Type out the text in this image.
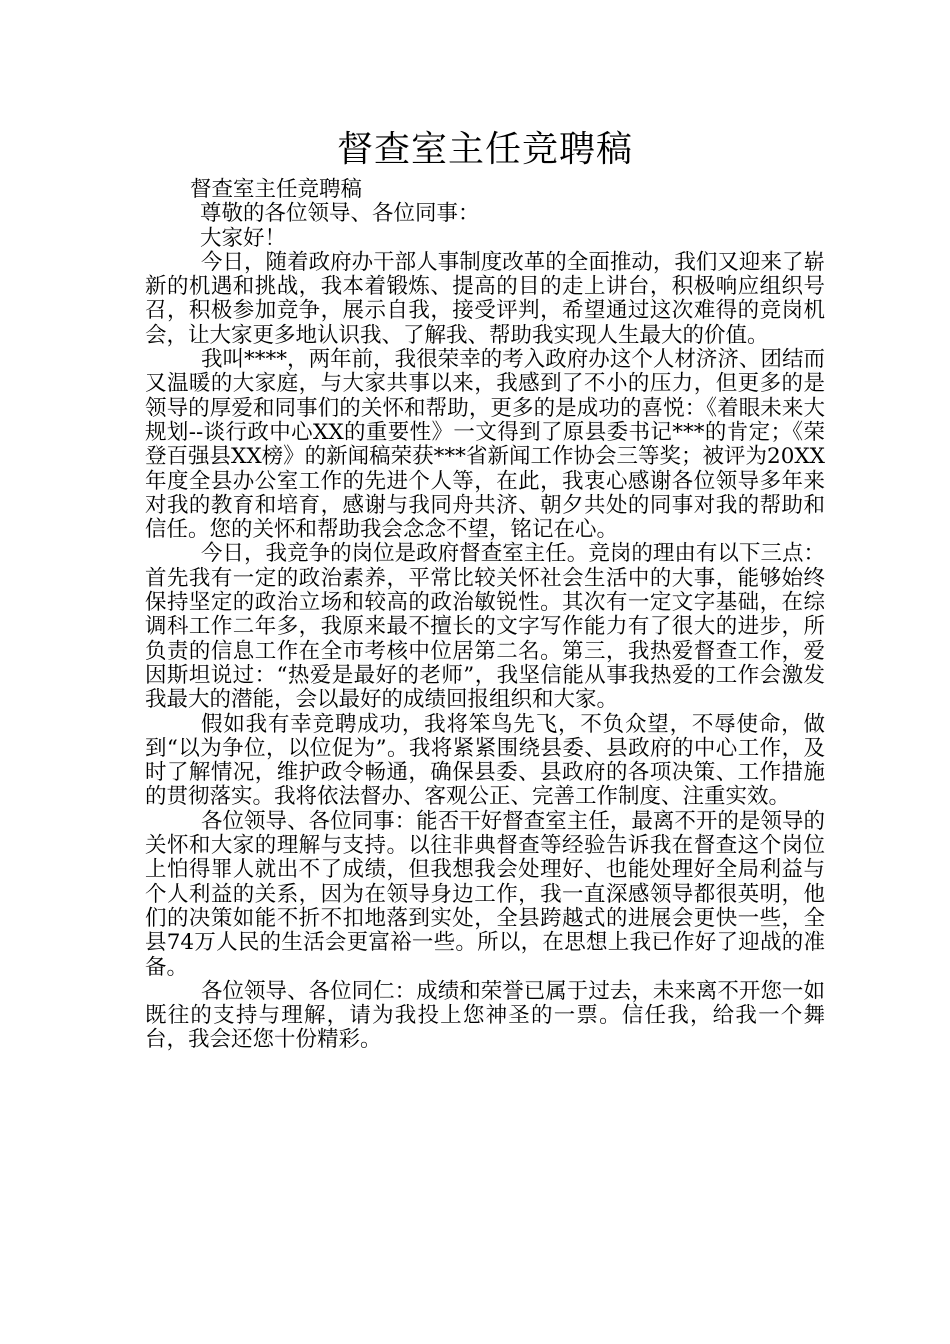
督查室主任竞聘稿

督查室主任竞聘稿

尊敬的各位领导、各位同事：

大家好！

今日，随着政府办干部人事制度改革的全面推动，我们又迎来了崭新的机遇和挑战，我本着锻炼、提高的目的走上讲台，积极响应组织号召，积极参加竞争，展示自我，接受评判，希望通过这次难得的竞岗机会，让大家更多地认识我、了解我、帮助我实现人生最大的价值。

我叫****，两年前，我很荣幸的考入政府办这个人材济济、团结而又温暖的大家庭，与大家共事以来，我感到了不小的压力，但更多的是领导的厚爱和同事们的关怀和帮助，更多的是成功的喜悦：《着眼未来大规划--谈行政中心XX的重要性》一文得到了原县委书记***的肯定；《荣登百强县XX榜》的新闻稿荣获***省新闻工作协会三等奖；被评为20XX年度全县办公室工作的先进个人等，在此，我衷心感谢各位领导多年来对我的教育和培育，感谢与我同舟共济、朝夕共处的同事对我的帮助和信任。您的关怀和帮助我会念念不望，铭记在心。

今日，我竞争的岗位是政府督查室主任。竞岗的理由有以下三点：首先我有一定的政治素养，平常比较关怀社会生活中的大事，能够始终保持坚定的政治立场和较高的政治敏锐性。其次有一定文字基础，在综调科工作二年多，我原来最不擅长的文字写作能力有了很大的进步，所负责的信息工作在全市考核中位居第二名。第三，我热爱督查工作，爱因斯坦说过：“热爱是最好的老师”，我坚信能从事我热爱的工作会激发我最大的潜能，会以最好的成绩回报组织和大家。

假如我有幸竞聘成功，我将笨鸟先飞，不负众望，不辱使命，做到“以为争位，以位促为”。我将紧紧围绕县委、县政府的中心工作，及时了解情况，维护政令畅通，确保县委、县政府的各项决策、工作措施的贯彻落实。我将依法督办、客观公正、完善工作制度、注重实效。

各位领导、各位同事：能否干好督查室主任，最离不开的是领导的关怀和大家的理解与支持。以往非典督查等经验告诉我在督查这个岗位上怕得罪人就出不了成绩，但我想我会处理好、也能处理好全局利益与个人利益的关系，因为在领导身边工作，我一直深感领导都很英明，他们的决策如能不折不扣地落到实处，全县跨越式的进展会更快一些，全县74万人民的生活会更富裕一些。所以，在思想上我已作好了迎战的准备。

各位领导、各位同仁：成绩和荣誉已属于过去，未来离不开您一如既往的支持与理解，请为我投上您神圣的一票。信任我，给我一个舞台，我会还您十份精彩。
